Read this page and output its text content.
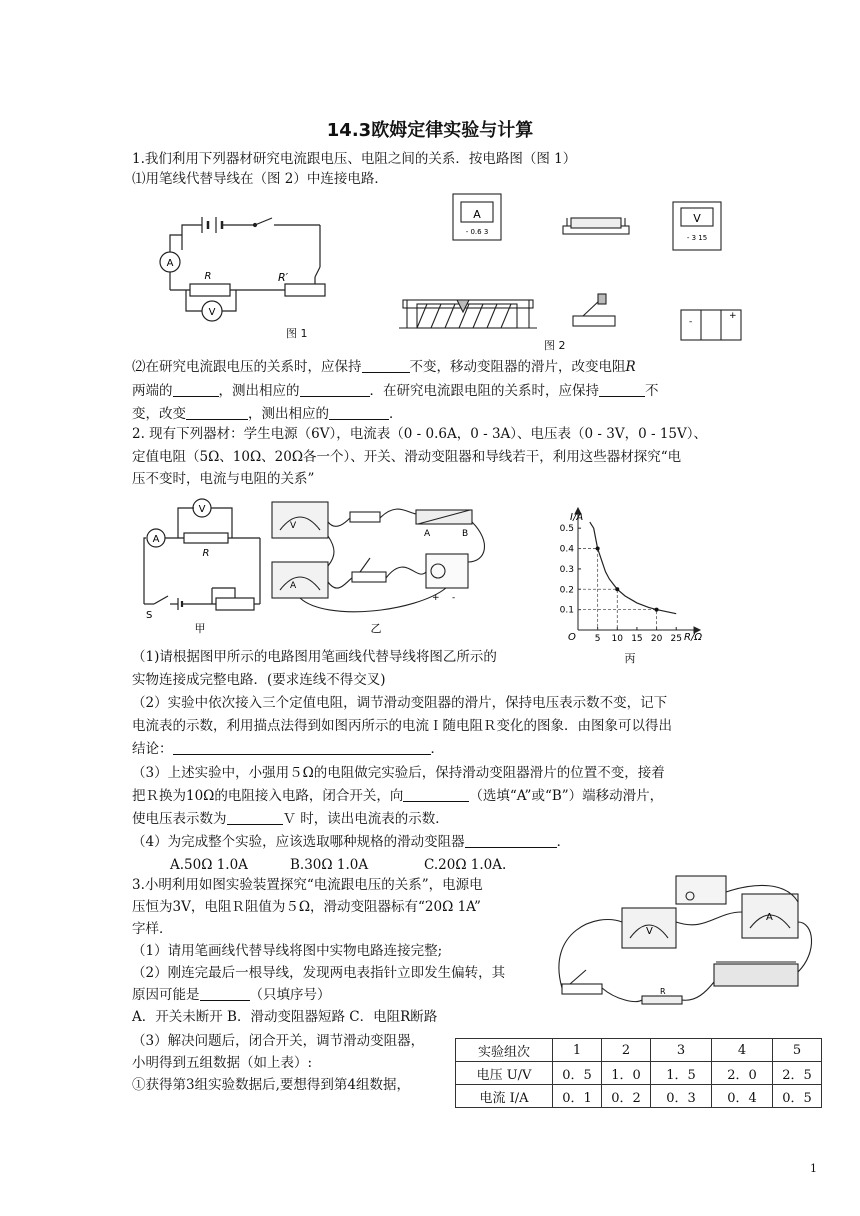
14.3欧姆定律实验与计算
1.我们利用下列器材研究电流跟电压、电阻之间的关系．按电路图（图 1）
⑴用笔线代替导线在（图 2）中连接电路．
A
V
R	R′
图 1
A
- 0.6 3
V
- 3 15
-
+
图 2
⑵在研究电流跟电压的关系时，应保持	不变，移动变阻器的滑片，改变电阻R
两端的	，测出相应的	．在研究电流跟电阻的关系时，应保持	不
变，改变	，测出相应的	．
2. 现有下列器材：学生电源（6V），电流表（0 - 0.6A，0 - 3A）、电压表（0 - 3V，0 - 15V）、
定值电阻（5Ω、10Ω、20Ω各一个）、开关、滑动变阻器和导线若干，利用这些器材探究“电
压不变时，电流与电阻的关系”
A
V
R
S
甲
V
A
A	B
-
+
乙
5 10 15 20 25
0.1
0.2
0.3
0.4
0.5
I/A
R/Ω
O
丙
（1)请根据图甲所示的电路图用笔画线代替导线将图乙所示的
实物连接成完整电路．(要求连线不得交叉)
（2）实验中依次接入三个定值电阻，调节滑动变阻器的滑片，保持电压表示数不变，记下
电流表的示数，利用描点法得到如图丙所示的电流Ｉ随电阻Ｒ变化的图象．由图象可以得出
结论：	．
（3）上述实验中，小强用５Ω的电阻做完实验后，保持滑动变阻器滑片的位置不变，接着
把Ｒ换为10Ω的电阻接入电路，闭合开关，向	（选填“A”或“B”）端移动滑片，
使电压表示数为	Ｖ 时，读出电流表的示数．
（4）为完成整个实验，应该选取哪种规格的滑动变阻器	．
A.50Ω 1.0A	B.30Ω 1.0A	C.20Ω 1.0A.
3.小明利用如图实验装置探究“电流跟电压的关系”，电源电
压恒为3V，电阻Ｒ阻值为５Ω，滑动变阻器标有“20Ω 1A”
字样．
（1）请用笔画线代替导线将图中实物电路连接完整;
（2）刚连完最后一根导线，发现两电表指针立即发生偏转，其
原因可能是	（只填序号）
A．开关未断开 B．滑动变阻器短路 C．电阻R断路
（3）解决问题后，闭合开关，调节滑动变阻器，
小明得到五组数据（如上表）:
①获得第3组实验数据后,要想得到第4组数据，
V
A
R
实验组次	1	2	3	4	5
电压 U/V	0．5	1．0	1．5	2．0	2．5
电流 I/A	0．1	0．2	0．3	0．4	0．5
1
